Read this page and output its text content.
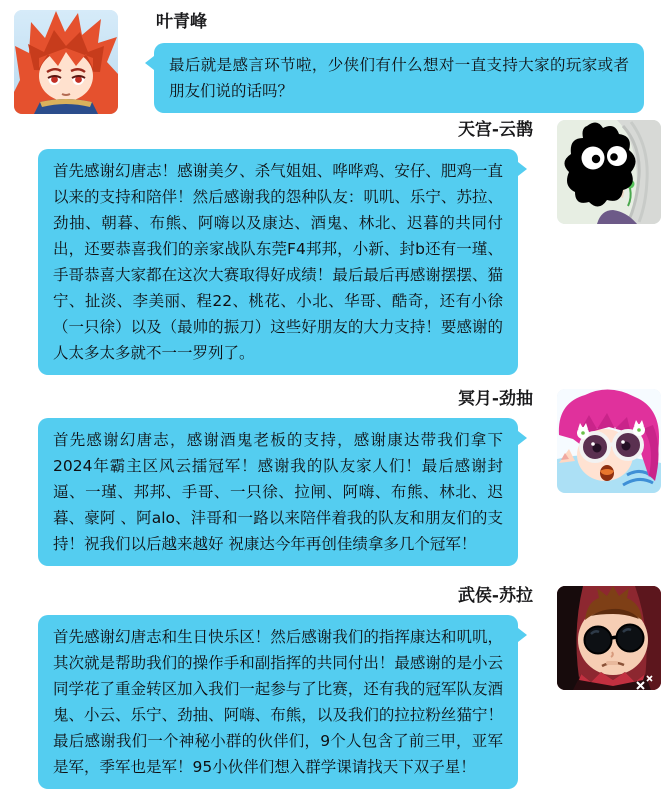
叶青峰
最后就是感言环节啦，少侠们有什么想对一直支持大家的玩家或者朋友们说的话吗？
天宫-云鹊
首先感谢幻唐志！感谢美夕、杀气姐姐、哗哗鸡、安仔、肥鸡一直以来的支持和陪伴！然后感谢我的怨种队友：叽叽、乐宁、苏拉、劲抽、朝暮、布熊、阿嗨以及康达、酒鬼、林北、迟暮的共同付出，还要恭喜我们的亲家战队东莞F4邦邦，小新、封b还有一瑾、手哥恭喜大家都在这次大赛取得好成绩！最后最后再感谢摆摆、猫宁、扯淡、李美丽、程22、桃花、小北、华哥、酷奇，还有小徐（一只徐）以及（最帅的振刀）这些好朋友的大力支持！要感谢的人太多太多就不一一罗列了。
冥月-劲抽
首先感谢幻唐志，感谢酒鬼老板的支持，感谢康达带我们拿下2024年霸主区风云擂冠军！感谢我的队友家人们！最后感谢封逼、一瑾、邦邦、手哥、一只徐、拉闸、阿嗨、布熊、林北、迟暮、豪阿 、阿alo、沣哥和一路以来陪伴着我的队友和朋友们的支持！祝我们以后越来越好 祝康达今年再创佳绩拿多几个冠军！
武侯-苏拉
首先感谢幻唐志和生日快乐区！然后感谢我们的指挥康达和叽叽，其次就是帮助我们的操作手和副指挥的共同付出！最感谢的是小云同学花了重金转区加入我们一起参与了比赛，还有我的冠军队友酒鬼、小云、乐宁、劲抽、阿嗨、布熊，以及我们的拉拉粉丝猫宁！最后感谢我们一个神秘小群的伙伴们，9个人包含了前三甲，亚军是军，季军也是军！95小伙伴们想入群学课请找天下双子星！
